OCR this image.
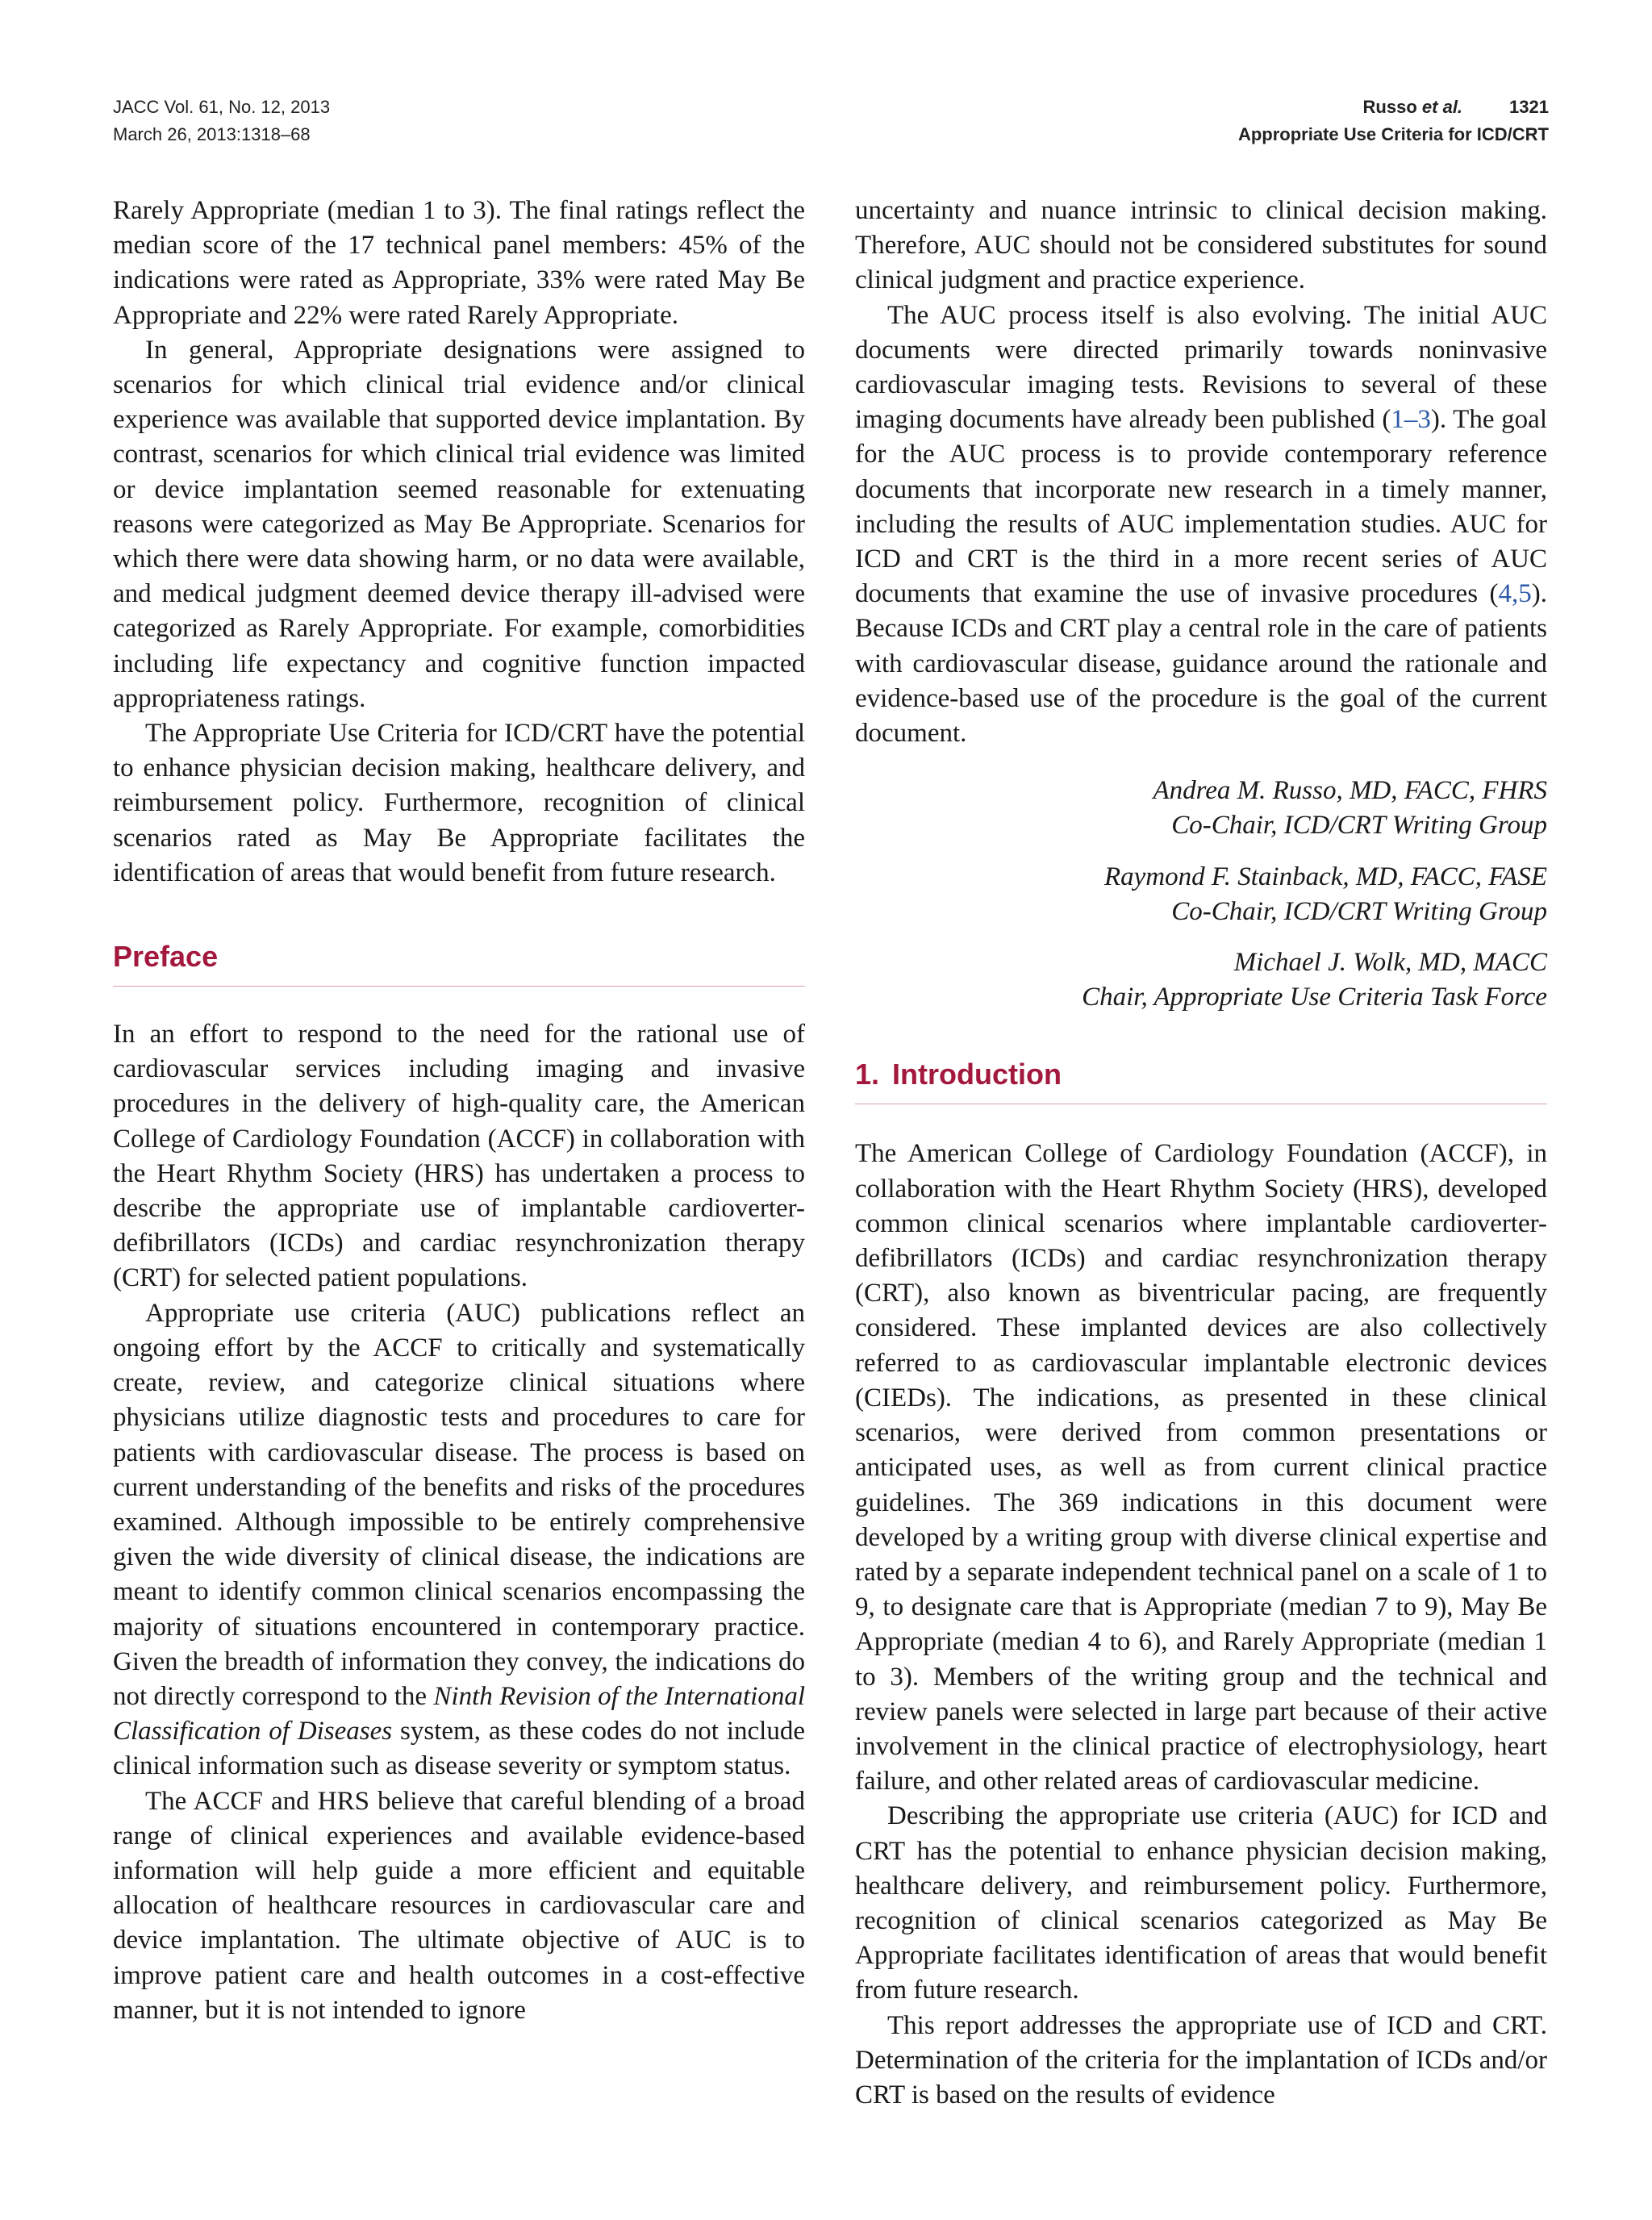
JACC Vol. 61, No. 12, 2013
March 26, 2013:1318–68
Russo et al.	1321
Appropriate Use Criteria for ICD/CRT

Rarely Appropriate (median 1 to 3). The final ratings reflect the median score of the 17 technical panel members: 45% of the indications were rated as Appropriate, 33% were rated May Be Appropriate and 22% were rated Rarely Appropriate.

In general, Appropriate designations were assigned to scenarios for which clinical trial evidence and/or clinical experience was available that supported device implantation. By contrast, scenarios for which clinical trial evidence was limited or device implantation seemed reasonable for extenuating reasons were categorized as May Be Appropriate. Scenarios for which there were data showing harm, or no data were available, and medical judgment deemed device therapy ill-advised were categorized as Rarely Appropriate. For example, comorbidities including life expectancy and cognitive function impacted appropriateness ratings.

The Appropriate Use Criteria for ICD/CRT have the potential to enhance physician decision making, healthcare delivery, and reimbursement policy. Furthermore, recognition of clinical scenarios rated as May Be Appropriate facilitates the identification of areas that would benefit from future research.

Preface

In an effort to respond to the need for the rational use of cardiovascular services including imaging and invasive procedures in the delivery of high-quality care, the American College of Cardiology Foundation (ACCF) in collaboration with the Heart Rhythm Society (HRS) has undertaken a process to describe the appropriate use of implantable cardioverter-defibrillators (ICDs) and cardiac resynchronization therapy (CRT) for selected patient populations.

Appropriate use criteria (AUC) publications reflect an ongoing effort by the ACCF to critically and systematically create, review, and categorize clinical situations where physicians utilize diagnostic tests and procedures to care for patients with cardiovascular disease. The process is based on current understanding of the benefits and risks of the procedures examined. Although impossible to be entirely comprehensive given the wide diversity of clinical disease, the indications are meant to identify common clinical scenarios encompassing the majority of situations encountered in contemporary practice. Given the breadth of information they convey, the indications do not directly correspond to the Ninth Revision of the International Classification of Diseases system, as these codes do not include clinical information such as disease severity or symptom status.

The ACCF and HRS believe that careful blending of a broad range of clinical experiences and available evidence-based information will help guide a more efficient and equitable allocation of healthcare resources in cardiovascular care and device implantation. The ultimate objective of AUC is to improve patient care and health outcomes in a cost-effective manner, but it is not intended to ignore

uncertainty and nuance intrinsic to clinical decision making. Therefore, AUC should not be considered substitutes for sound clinical judgment and practice experience.

The AUC process itself is also evolving. The initial AUC documents were directed primarily towards noninvasive cardiovascular imaging tests. Revisions to several of these imaging documents have already been published (1–3). The goal for the AUC process is to provide contemporary reference documents that incorporate new research in a timely manner, including the results of AUC implementation studies. AUC for ICD and CRT is the third in a more recent series of AUC documents that examine the use of invasive procedures (4,5). Because ICDs and CRT play a central role in the care of patients with cardiovascular disease, guidance around the rationale and evidence-based use of the procedure is the goal of the current document.

Andrea M. Russo, MD, FACC, FHRS
Co-Chair, ICD/CRT Writing Group
Raymond F. Stainback, MD, FACC, FASE
Co-Chair, ICD/CRT Writing Group
Michael J. Wolk, MD, MACC
Chair, Appropriate Use Criteria Task Force
1. Introduction

The American College of Cardiology Foundation (ACCF), in collaboration with the Heart Rhythm Society (HRS), developed common clinical scenarios where implantable cardioverter-defibrillators (ICDs) and cardiac resynchronization therapy (CRT), also known as biventricular pacing, are frequently considered. These implanted devices are also collectively referred to as cardiovascular implantable electronic devices (CIEDs). The indications, as presented in these clinical scenarios, were derived from common presentations or anticipated uses, as well as from current clinical practice guidelines. The 369 indications in this document were developed by a writing group with diverse clinical expertise and rated by a separate independent technical panel on a scale of 1 to 9, to designate care that is Appropriate (median 7 to 9), May Be Appropriate (median 4 to 6), and Rarely Appropriate (median 1 to 3). Members of the writing group and the technical and review panels were selected in large part because of their active involvement in the clinical practice of electrophysiology, heart failure, and other related areas of cardiovascular medicine.

Describing the appropriate use criteria (AUC) for ICD and CRT has the potential to enhance physician decision making, healthcare delivery, and reimbursement policy. Furthermore, recognition of clinical scenarios categorized as May Be Appropriate facilitates identification of areas that would benefit from future research.

This report addresses the appropriate use of ICD and CRT. Determination of the criteria for the implantation of ICDs and/or CRT is based on the results of evidence
